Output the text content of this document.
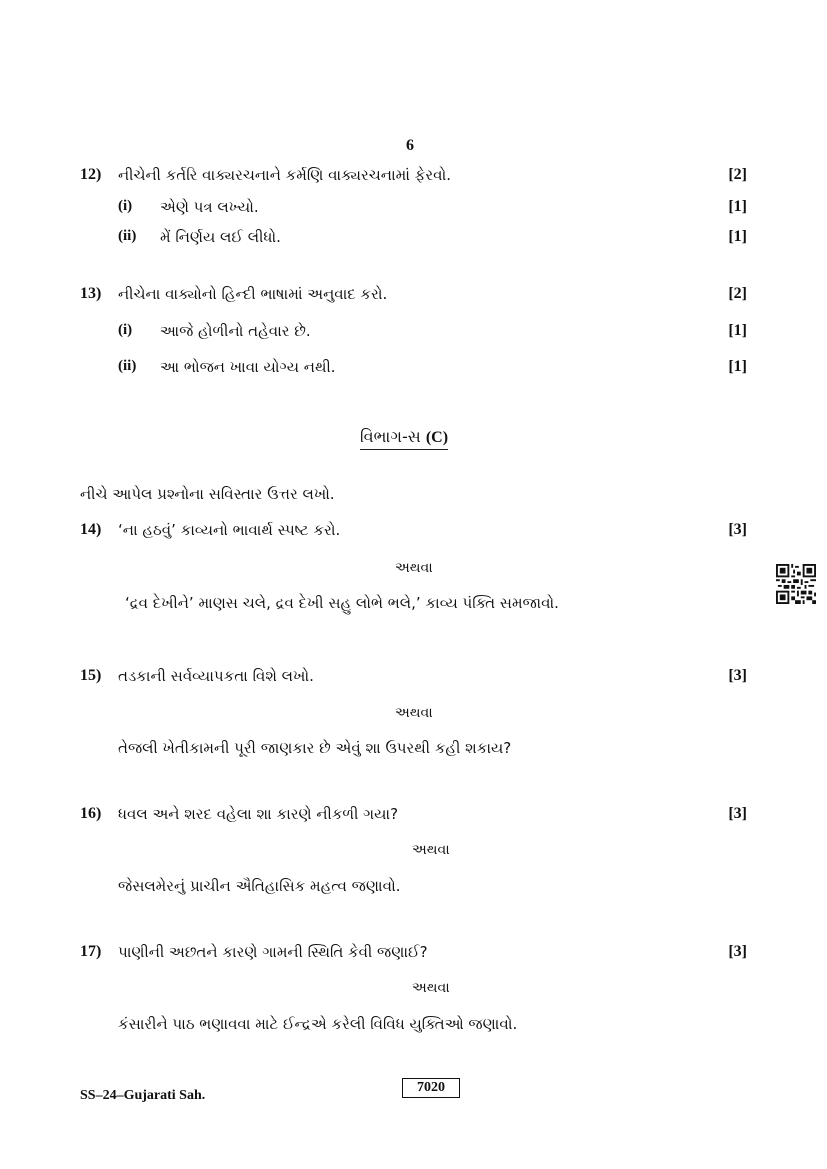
6
12) નીચેની કર્તરિ વાક્યરચનાને કર્મણિ વાક્યરચનામાં ફેરવો.	[2]
(i) એણે પત્ર લખ્યો.	[1]
(ii) મેં નિર્ણય લઈ લીધો.	[1]
13) નીચેના વાક્યોનો હિન્દી ભાષામાં અનુવાદ કરો.	[2]
(i) આજે હોળીનો તહેવાર છે.	[1]
(ii) આ ભોજન ખાવા યોગ્ય નથી.	[1]
વિભાગ-સ (C)
નીચે આપેલ પ્રશ્નોના સવિસ્તાર ઉત્તર લખો.
14) ‘ના હઠવું’ કાવ્યનો ભાવાર્થ સ્પષ્ટ કરો.	[3]
અથવા
‘દ્રવ દેખીને’ માણસ ચલે, દ્રવ દેખી સહુ લોભે ભલે,’ કાવ્ય પંક્તિ સમજાવો.
15) તડકાની સર્વવ્યાપકતા વિશે લખો.	[3]
અથવા
તેજલી ખેતીકામની પૂરી જાણકાર છે એવું શા ઉપરથી કહી શકાય?
16) ધવલ અને શરદ વહેલા શા કારણે નીકળી ગયા?	[3]
અથવા
જેસલમેરનું પ્રાચીન ઐતિહાસિક મહત્વ જણાવો.
17) પાણીની અછતને કારણે ગામની સ્થિતિ કેવી જણાઈ?	[3]
અથવા
કંસારીને પાઠ ભણાવવા માટે ઈન્દ્રએ કરેલી વિવિધ યુક્તિઓ જણાવો.
SS–24–Gujarati Sah.
7020
